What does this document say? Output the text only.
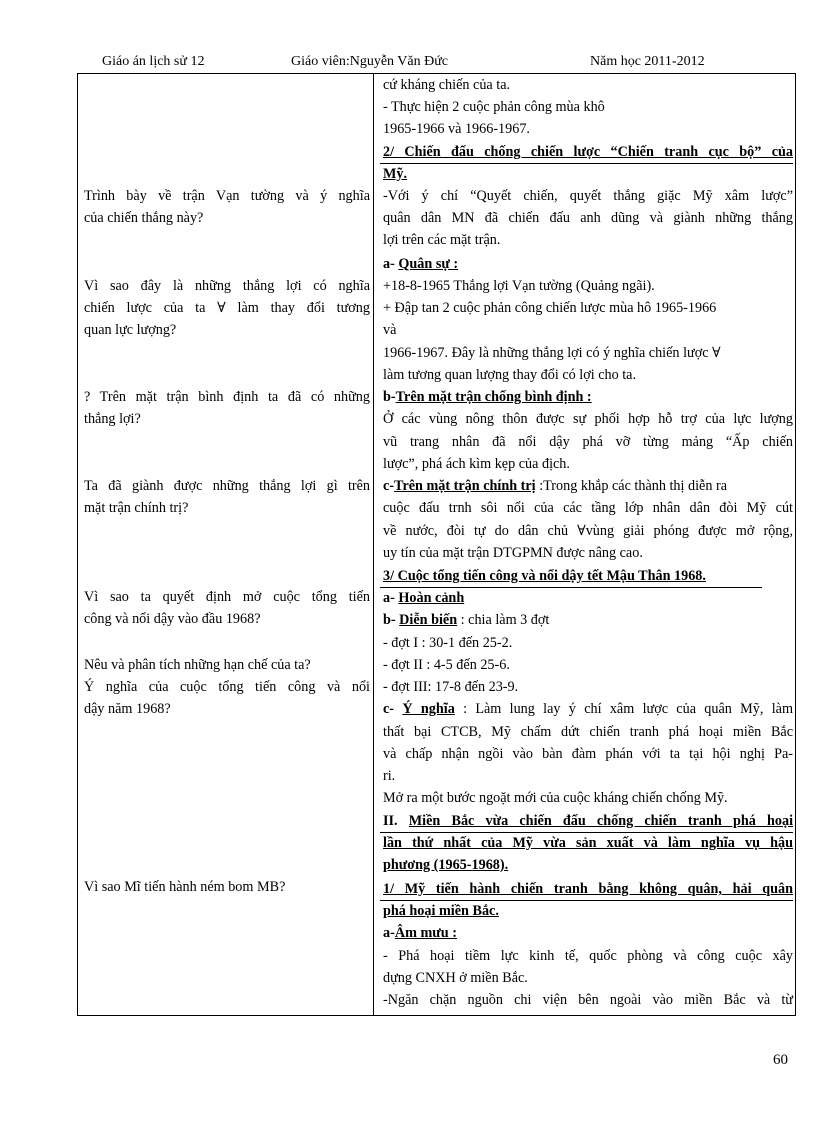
Giáo án lịch sử 12	Giáo viên:Nguyễn Văn Đức	Năm học 2011-2012
Trình bày về trận Vạn tường và ý nghĩa
của chiến thắng này?
Vì sao đây là những thắng lợi có nghĩa
chiến lược của ta ∀ làm thay đổi tương
quan lực lượng?
? Trên mặt trận bình định ta đã có những
thắng lợi?
Ta đã giành được những thắng lợi gì trên
mặt trận chính trị?
Vì sao ta quyết định mở cuộc tổng tiến
công và nổi dậy vào đầu 1968?
Nêu và phân tích những hạn chế của ta?
Ý nghĩa của cuộc tổng tiến công và nổi
dậy năm 1968?
Vì sao Mĩ tiến hành ném bom MB?
cứ kháng chiến của ta.
- Thực hiện 2 cuộc phản công mùa khô
1965-1966 và 1966-1967.
2/ Chiến đấu chống chiến lược “Chiến tranh cục bộ” của
Mỹ.
-Với ý chí “Quyết chiến, quyết thắng giặc Mỹ xâm lược”
quân dân MN đã chiến đấu anh dũng và giành những thắng
lợi trên các mặt trận.
a- Quân sự :
+18-8-1965 Thắng lợi Vạn tường (Quảng ngãi).
+ Đập tan 2 cuộc phản công chiến lược mùa hô 1965-1966
và
1966-1967. Đây là những thắng lợi có ý nghĩa chiến lược ∀
làm tương quan lượng thay đổi có lợi cho ta.
b-Trên mặt trận chống bình định :
Ở các vùng nông thôn được sự phối hợp hỗ trợ của lực lượng
vũ trang nhân đã nổi dậy phá vỡ từng mảng “Ấp chiến
lược”, phá ách kìm kẹp của địch.
c-Trên mặt trận chính trị :Trong khắp các thành thị diễn ra
cuộc đấu trnh sôi nổi của các tầng lớp nhân dân đòi Mỹ cút
về nước, đòi tự do dân chủ ∀vùng giải phóng được mở rộng,
uy tín của mặt trận DTGPMN được nâng cao.
3/ Cuộc tổng tiến công và nổi dậy tết Mậu Thân 1968.
a- Hoàn cảnh
b- Diễn biến : chia làm 3 đợt
- đợt I : 30-1 đến 25-2.
- đợt II : 4-5 đến 25-6.
- đợt III: 17-8 đến 23-9.
c- Ý nghĩa : Làm lung lay ý chí xâm lược của quân Mỹ, làm
thất bại CTCB, Mỹ chấm dứt chiến tranh phá hoại miền Bắc
và chấp nhận ngồi vào bàn đàm phán với ta tại hội nghị Pa-
ri.
Mở ra một bước ngoặt mới của cuộc kháng chiến chống Mỹ.
II. Miền Bắc vừa chiến đấu chống chiến tranh phá hoại
lần thứ nhất của Mỹ vừa sản xuất và làm nghĩa vụ hậu
phương (1965-1968).
1/ Mỹ tiến hành chiến tranh bằng không quân, hải quân
phá hoại miền Bắc.
a-Âm mưu :
- Phá hoại tiềm lực kinh tế, quốc phòng và công cuộc xây
dựng CNXH ở miền Bắc.
-Ngăn chặn nguồn chi viện bên ngoài vào miền Bắc và từ
60
